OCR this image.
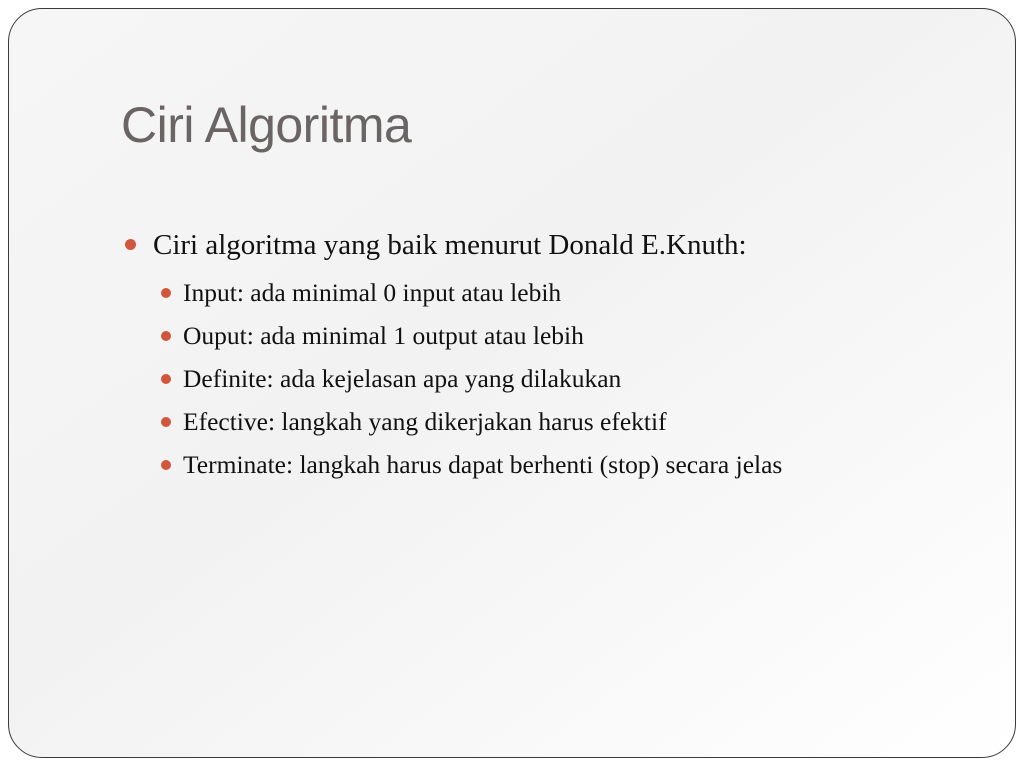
Ciri Algoritma
Ciri algoritma yang baik menurut Donald E.Knuth:
Input: ada minimal 0 input atau lebih
Ouput: ada minimal 1 output atau lebih
Definite: ada kejelasan apa yang dilakukan
Efective: langkah yang dikerjakan harus efektif
Terminate: langkah harus dapat berhenti (stop) secara jelas
